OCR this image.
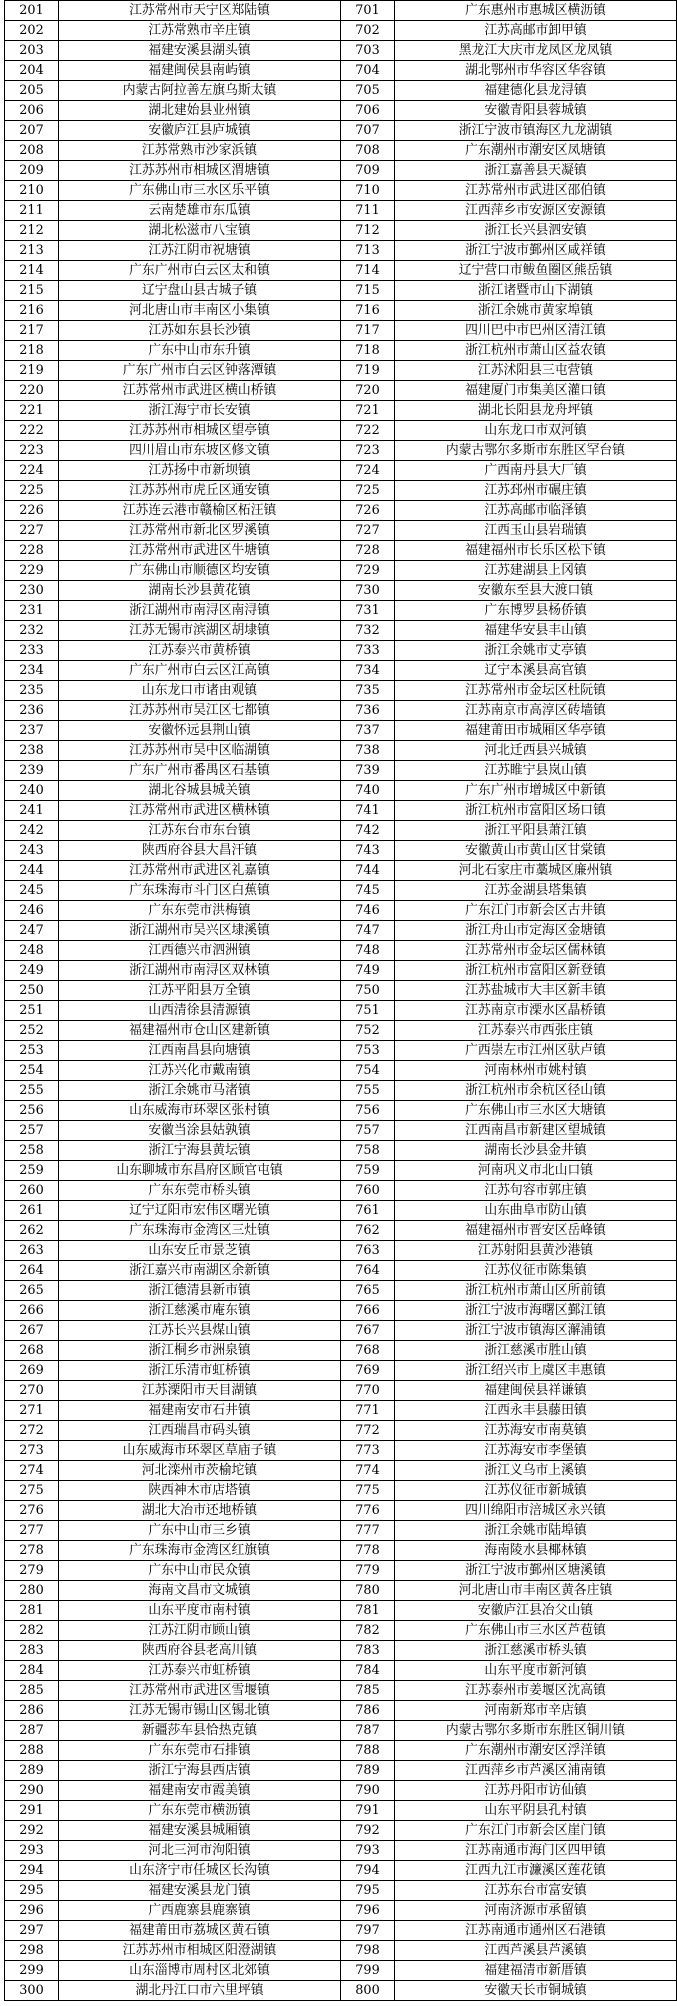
201	江苏常州市天宁区郑陆镇	701	广东惠州市惠城区横沥镇
202	江苏常熟市辛庄镇	702	江苏高邮市卸甲镇
203	福建安溪县湖头镇	703	黑龙江大庆市龙凤区龙凤镇
204	福建闽侯县南屿镇	704	湖北鄂州市华容区华容镇
205	内蒙古阿拉善左旗乌斯太镇	705	福建德化县龙浔镇
206	湖北建始县业州镇	706	安徽青阳县蓉城镇
207	安徽庐江县庐城镇	707	浙江宁波市镇海区九龙湖镇
208	江苏常熟市沙家浜镇	708	广东潮州市潮安区凤塘镇
209	江苏苏州市相城区渭塘镇	709	浙江嘉善县天凝镇
210	广东佛山市三水区乐平镇	710	江苏常州市武进区邵伯镇
211	云南楚雄市东瓜镇	711	江西萍乡市安源区安源镇
212	湖北松滋市八宝镇	712	浙江长兴县泗安镇
213	江苏江阴市祝塘镇	713	浙江宁波市鄞州区咸祥镇
214	广东广州市白云区太和镇	714	辽宁营口市鲅鱼圈区熊岳镇
215	辽宁盘山县古城子镇	715	浙江诸暨市山下湖镇
216	河北唐山市丰南区小集镇	716	浙江余姚市黄家埠镇
217	江苏如东县长沙镇	717	四川巴中市巴州区清江镇
218	广东中山市东升镇	718	浙江杭州市萧山区益农镇
219	广东广州市白云区钟落潭镇	719	江苏沭阳县三屯营镇
220	江苏常州市武进区横山桥镇	720	福建厦门市集美区灌口镇
221	浙江海宁市长安镇	721	湖北长阳县龙舟坪镇
222	江苏苏州市相城区望亭镇	722	山东龙口市双河镇
223	四川眉山市东坡区修文镇	723	内蒙古鄂尔多斯市东胜区罕台镇
224	江苏扬中市新坝镇	724	广西南丹县大厂镇
225	江苏苏州市虎丘区通安镇	725	江苏邳州市碾庄镇
226	江苏连云港市赣榆区柘汪镇	726	江苏高邮市临泽镇
227	江苏常州市新北区罗溪镇	727	江西玉山县岩瑞镇
228	江苏常州市武进区牛塘镇	728	福建福州市长乐区松下镇
229	广东佛山市顺德区均安镇	729	江苏建湖县上冈镇
230	湖南长沙县黄花镇	730	安徽东至县大渡口镇
231	浙江湖州市南浔区南浔镇	731	广东博罗县杨侨镇
232	江苏无锡市滨湖区胡埭镇	732	福建华安县丰山镇
233	江苏泰兴市黄桥镇	733	浙江余姚市丈亭镇
234	广东广州市白云区江高镇	734	辽宁本溪县高官镇
235	山东龙口市诸由观镇	735	江苏常州市金坛区杜阮镇
236	江苏苏州市吴江区七都镇	736	江苏南京市高淳区砖墙镇
237	安徽怀远县荆山镇	737	福建莆田市城厢区华亭镇
238	江苏苏州市吴中区临湖镇	738	河北迁西县兴城镇
239	广东广州市番禺区石基镇	739	江苏睢宁县岚山镇
240	湖北谷城县城关镇	740	广东广州市增城区中新镇
241	江苏常州市武进区横林镇	741	浙江杭州市富阳区场口镇
242	江苏东台市东台镇	742	浙江平阳县萧江镇
243	陕西府谷县大昌汗镇	743	安徽黄山市黄山区甘棠镇
244	江苏常州市武进区礼嘉镇	744	河北石家庄市藁城区廉州镇
245	广东珠海市斗门区白蕉镇	745	江苏金湖县塔集镇
246	广东东莞市洪梅镇	746	广东江门市新会区古井镇
247	浙江湖州市吴兴区埭溪镇	747	浙江舟山市定海区金塘镇
248	江西德兴市泗洲镇	748	江苏常州市金坛区儒林镇
249	浙江湖州市南浔区双林镇	749	浙江杭州市富阳区新登镇
250	江苏平阳县万全镇	750	江苏盐城市大丰区新丰镇
251	山西清徐县清源镇	751	江苏南京市溧水区晶桥镇
252	福建福州市仓山区建新镇	752	江苏泰兴市西张庄镇
253	江西南昌县向塘镇	753	广西崇左市江州区驮卢镇
254	江苏兴化市戴南镇	754	河南林州市姚村镇
255	浙江余姚市马渚镇	755	浙江杭州市余杭区径山镇
256	山东威海市环翠区张村镇	756	广东佛山市三水区大塘镇
257	安徽当涂县姑孰镇	757	江西南昌市新建区望城镇
258	浙江宁海县黄坛镇	758	湖南长沙县金井镇
259	山东聊城市东昌府区顾官屯镇	759	河南巩义市北山口镇
260	广东东莞市桥头镇	760	江苏句容市郭庄镇
261	辽宁辽阳市宏伟区曙光镇	761	山东曲阜市防山镇
262	广东珠海市金湾区三灶镇	762	福建福州市晋安区岳峰镇
263	山东安丘市景芝镇	763	江苏射阳县黄沙港镇
264	浙江嘉兴市南湖区余新镇	764	江苏仪征市陈集镇
265	浙江德清县新市镇	765	浙江杭州市萧山区所前镇
266	浙江慈溪市庵东镇	766	浙江宁波市海曙区鄞江镇
267	江苏长兴县煤山镇	767	浙江宁波市镇海区澥浦镇
268	浙江桐乡市洲泉镇	768	浙江慈溪市胜山镇
269	浙江乐清市虹桥镇	769	浙江绍兴市上虞区丰惠镇
270	江苏溧阳市天目湖镇	770	福建闽侯县祥谦镇
271	福建南安市石井镇	771	江西永丰县藤田镇
272	江西瑞昌市码头镇	772	江苏海安市南莫镇
273	山东威海市环翠区草庙子镇	773	江苏海安市李堡镇
274	河北滦州市茨榆坨镇	774	浙江义乌市上溪镇
275	陕西神木市店塔镇	775	江苏仪征市新城镇
276	湖北大冶市还地桥镇	776	四川绵阳市涪城区永兴镇
277	广东中山市三乡镇	777	浙江余姚市陆埠镇
278	广东珠海市金湾区红旗镇	778	海南陵水县椰林镇
279	广东中山市民众镇	779	浙江宁波市鄞州区塘溪镇
280	海南文昌市文城镇	780	河北唐山市丰南区黄各庄镇
281	山东平度市南村镇	781	安徽庐江县冶父山镇
282	江苏江阴市顾山镇	782	广东佛山市三水区芦苞镇
283	陕西府谷县老高川镇	783	浙江慈溪市桥头镇
284	江苏泰兴市虹桥镇	784	山东平度市新河镇
285	江苏常州市武进区雪堰镇	785	江苏泰州市姜堰区沈高镇
286	江苏无锡市锡山区锡北镇	786	河南新郑市辛店镇
287	新疆莎车县恰热克镇	787	内蒙古鄂尔多斯市东胜区铜川镇
288	广东东莞市石排镇	788	广东潮州市潮安区浮洋镇
289	浙江宁海县西店镇	789	江西萍乡市芦溪区浦南镇
290	福建南安市霞美镇	790	江苏丹阳市访仙镇
291	广东东莞市横沥镇	791	山东平阴县孔村镇
292	福建安溪县城厢镇	792	广东江门市新会区崖门镇
293	河北三河市泃阳镇	793	江苏南通市海门区四甲镇
294	山东济宁市任城区长沟镇	794	江西九江市濂溪区莲花镇
295	福建安溪县龙门镇	795	江苏东台市富安镇
296	广西鹿寨县鹿寨镇	796	河南济源市承留镇
297	福建莆田市荔城区黄石镇	797	江苏南通市通州区石港镇
298	江苏苏州市相城区阳澄湖镇	798	江西芦溪县芦溪镇
299	山东淄博市周村区北郊镇	799	福建福清市新厝镇
300	湖北丹江口市六里坪镇	800	安徽天长市铜城镇
